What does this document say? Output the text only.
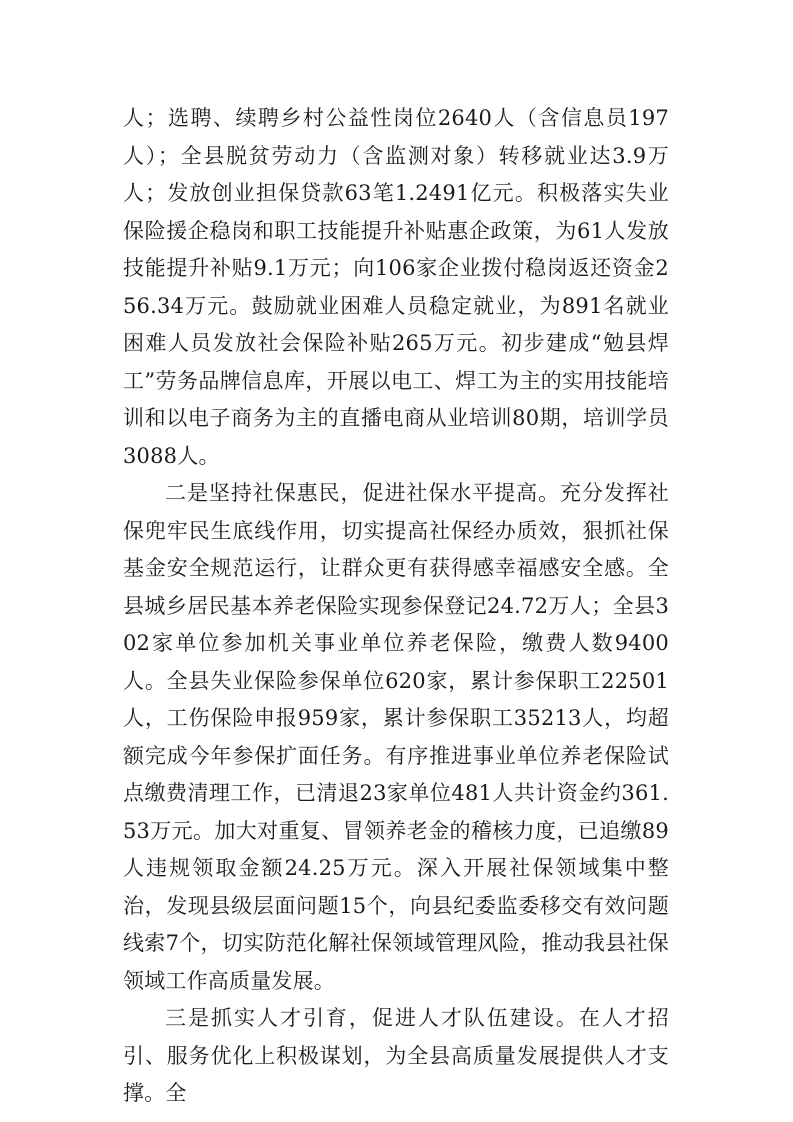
人；选聘、续聘乡村公益性岗位2640人（含信息员197人）；全县脱贫劳动力（含监测对象）转移就业达3.9万人；发放创业担保贷款63笔1.2491亿元。积极落实失业保险援企稳岗和职工技能提升补贴惠企政策，为61人发放技能提升补贴9.1万元；向106家企业拨付稳岗返还资金256.34万元。鼓励就业困难人员稳定就业，为891名就业困难人员发放社会保险补贴265万元。初步建成“勉县焊工”劳务品牌信息库，开展以电工、焊工为主的实用技能培训和以电子商务为主的直播电商从业培训80期，培训学员3088人。

二是坚持社保惠民，促进社保水平提高。充分发挥社保兜牢民生底线作用，切实提高社保经办质效，狠抓社保基金安全规范运行，让群众更有获得感幸福感安全感。全县城乡居民基本养老保险实现参保登记24.72万人；全县302家单位参加机关事业单位养老保险，缴费人数9400人。全县失业保险参保单位620家，累计参保职工22501人，工伤保险申报959家，累计参保职工35213人，均超额完成今年参保扩面任务。有序推进事业单位养老保险试点缴费清理工作，已清退23家单位481人共计资金约361.53万元。加大对重复、冒领养老金的稽核力度，已追缴89人违规领取金额24.25万元。深入开展社保领域集中整治，发现县级层面问题15个，向县纪委监委移交有效问题线索7个，切实防范化解社保领域管理风险，推动我县社保领域工作高质量发展。

三是抓实人才引育，促进人才队伍建设。在人才招引、服务优化上积极谋划，为全县高质量发展提供人才支撑。全
